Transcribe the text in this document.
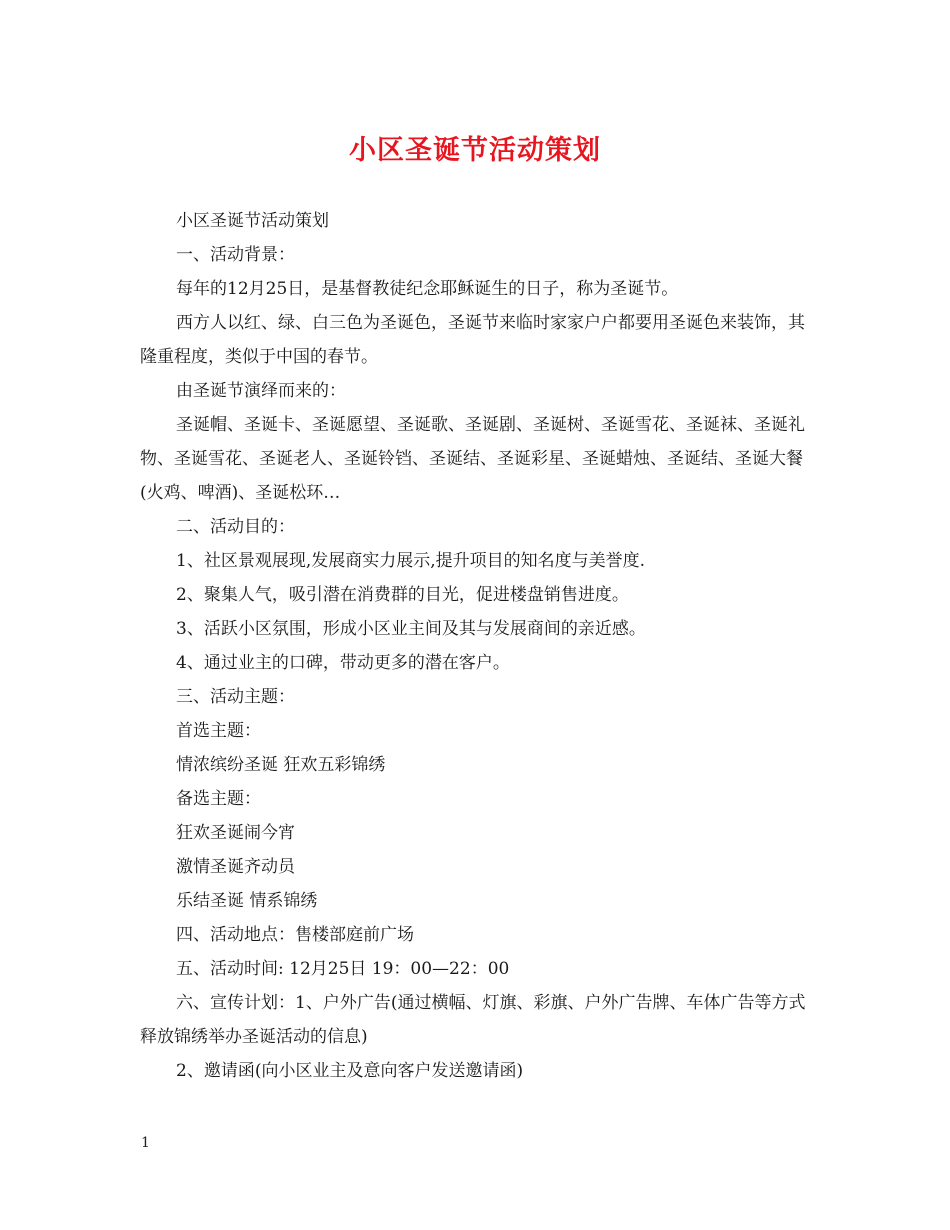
小区圣诞节活动策划

小区圣诞节活动策划

一、活动背景：

每年的12月25日，是基督教徒纪念耶稣诞生的日子，称为圣诞节。

西方人以红、绿、白三色为圣诞色，圣诞节来临时家家户户都要用圣诞色来装饰，其隆重程度，类似于中国的春节。

由圣诞节演绎而来的：

圣诞帽、圣诞卡、圣诞愿望、圣诞歌、圣诞剧、圣诞树、圣诞雪花、圣诞袜、圣诞礼物、圣诞雪花、圣诞老人、圣诞铃铛、圣诞结、圣诞彩星、圣诞蜡烛、圣诞结、圣诞大餐(火鸡、啤酒)、圣诞松环…

二、活动目的：

1、社区景观展现,发展商实力展示,提升项目的知名度与美誉度.

2、聚集人气，吸引潜在消费群的目光，促进楼盘销售进度。

3、活跃小区氛围，形成小区业主间及其与发展商间的亲近感。

4、通过业主的口碑，带动更多的潜在客户。

三、活动主题：

首选主题：

情浓缤纷圣诞 狂欢五彩锦绣

备选主题：

狂欢圣诞闹今宵

激情圣诞齐动员

乐结圣诞 情系锦绣

四、活动地点：售楼部庭前广场

五、活动时间: 12月25日 19：00—22：00

六、宣传计划：1、户外广告(通过横幅、灯旗、彩旗、户外广告牌、车体广告等方式释放锦绣举办圣诞活动的信息)

2、邀请函(向小区业主及意向客户发送邀请函)

1
